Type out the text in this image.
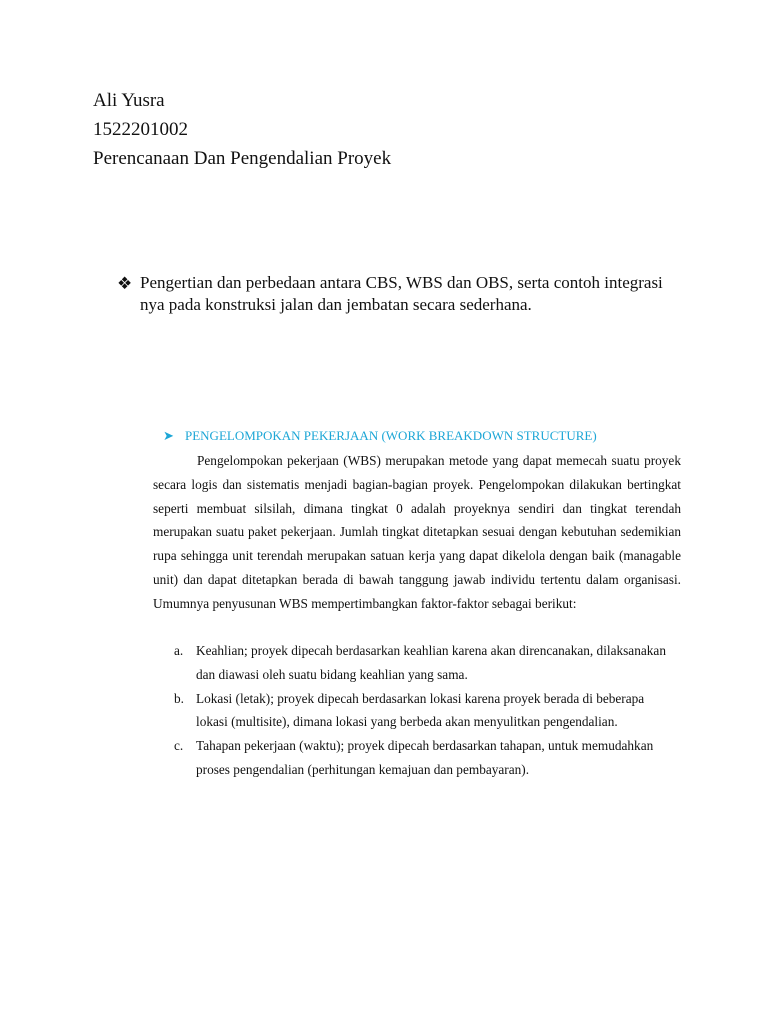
Ali Yusra
1522201002
Perencanaan Dan Pengendalian Proyek
❖ Pengertian dan perbedaan antara CBS, WBS dan OBS, serta contoh integrasi nya pada konstruksi jalan dan jembatan secara sederhana.
➤ PENGELOMPOKAN PEKERJAAN (WORK BREAKDOWN STRUCTURE)
Pengelompokan pekerjaan (WBS) merupakan metode yang dapat memecah suatu proyek secara logis dan sistematis menjadi bagian-bagian proyek. Pengelompokan dilakukan bertingkat seperti membuat silsilah, dimana tingkat 0 adalah proyeknya sendiri dan tingkat terendah merupakan suatu paket pekerjaan. Jumlah tingkat ditetapkan sesuai dengan kebutuhan sedemikian rupa sehingga unit terendah merupakan satuan kerja yang dapat dikelola dengan baik (managable unit) dan dapat ditetapkan berada di bawah tanggung jawab individu tertentu dalam organisasi. Umumnya penyusunan WBS mempertimbangkan faktor-faktor sebagai berikut:
a. Keahlian; proyek dipecah berdasarkan keahlian karena akan direncanakan, dilaksanakan dan diawasi oleh suatu bidang keahlian yang sama.
b. Lokasi (letak); proyek dipecah berdasarkan lokasi karena proyek berada di beberapa lokasi (multisite), dimana lokasi yang berbeda akan menyulitkan pengendalian.
c. Tahapan pekerjaan (waktu); proyek dipecah berdasarkan tahapan, untuk memudahkan proses pengendalian (perhitungan kemajuan dan pembayaran).
